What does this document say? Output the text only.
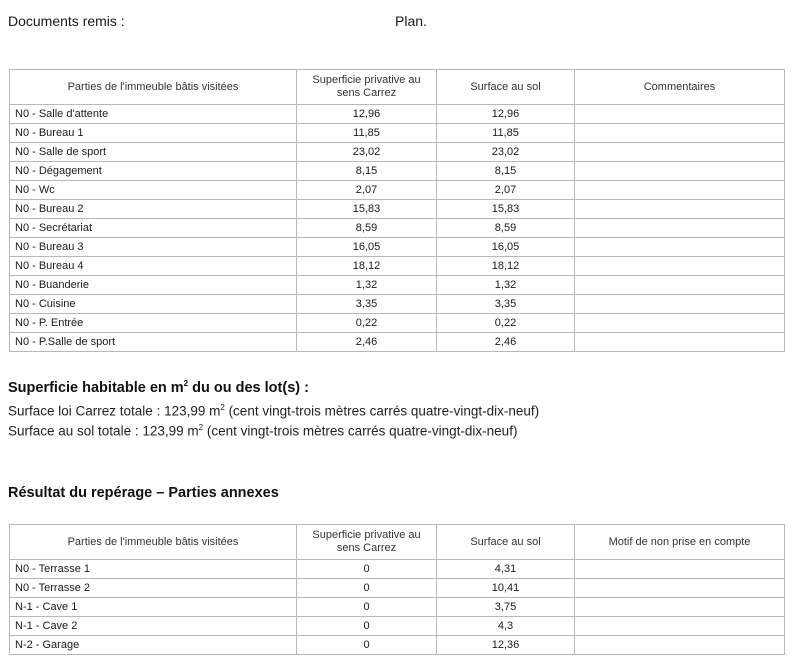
Documents remis :	Plan.
Parties de l'immeuble bâtis visitées	Superficie privative au sens Carrez	Surface au sol	Commentaires
N0 - Salle d'attente	12,96	12,96	
N0 - Bureau 1	11,85	11,85	
N0 - Salle de sport	23,02	23,02	
N0 - Dégagement	8,15	8,15	
N0 - Wc	2,07	2,07	
N0 - Bureau 2	15,83	15,83	
N0 - Secrétariat	8,59	8,59	
N0 - Bureau 3	16,05	16,05	
N0 - Bureau 4	18,12	18,12	
N0 - Buanderie	1,32	1,32	
N0 - Cuisine	3,35	3,35	
N0 - P. Entrée	0,22	0,22	
N0 - P.Salle de sport	2,46	2,46	
Superficie habitable en $m^2$ du ou des lot(s) :

Surface loi Carrez totale : 123,99 $m^2$ (cent vingt-trois mètres carrés quatre-vingt-dix-neuf)

Surface au sol totale : 123,99 $m^2$ (cent vingt-trois mètres carrés quatre-vingt-dix-neuf)

Résultat du repérage – Parties annexes
Parties de l'immeuble bâtis visitées	Superficie privative au sens Carrez	Surface au sol	Motif de non prise en compte
N0 - Terrasse 1	0	4,31	
N0 - Terrasse 2	0	10,41	
N-1 - Cave 1	0	3,75	
N-1 - Cave 2	0	4,3	
N-2 - Garage	0	12,36	
